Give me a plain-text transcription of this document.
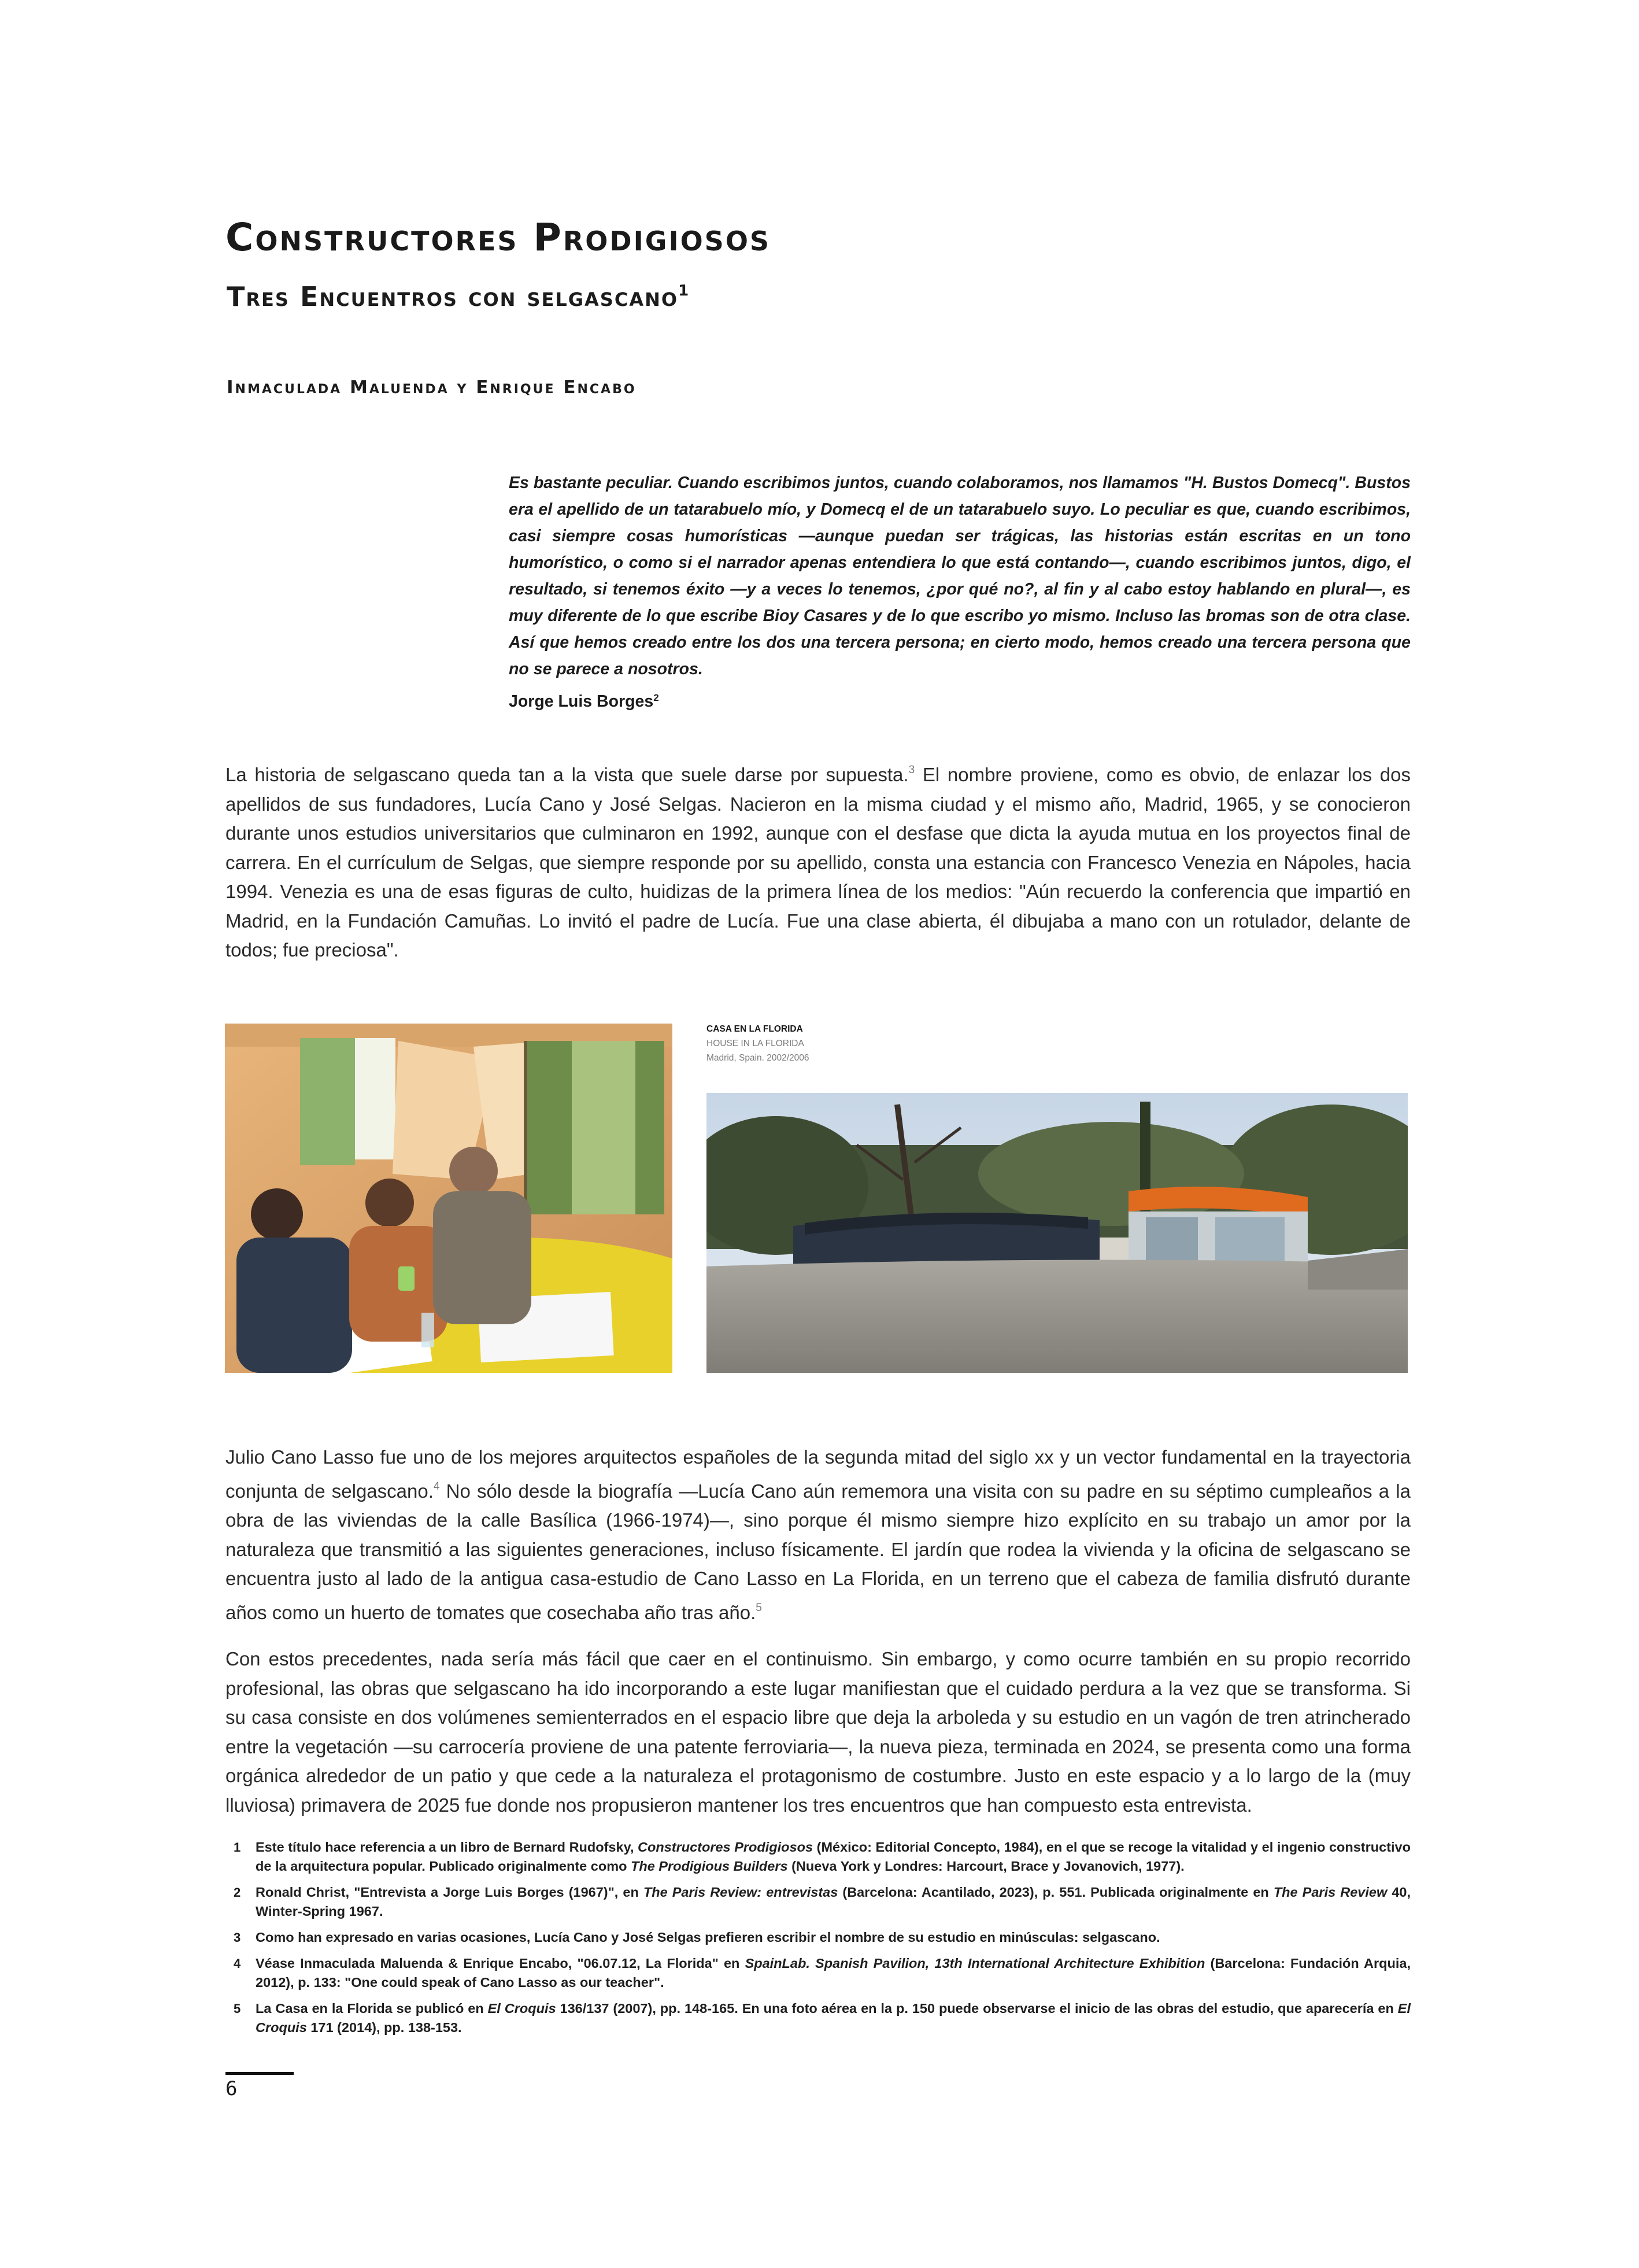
Constructores Prodigiosos
Tres Encuentros con selgascano$^1$
Inmaculada Maluenda y Enrique Encabo

Es bastante peculiar. Cuando escribimos juntos, cuando colaboramos, nos llamamos "H. Bustos Domecq". Bustos era el apellido de un tatarabuelo mío, y Domecq el de un tatarabuelo suyo. Lo peculiar es que, cuando escribimos, casi siempre cosas humorísticas —aunque puedan ser trágicas, las historias están escritas en un tono humorístico, o como si el narrador apenas entendiera lo que está contando—, cuando escribimos juntos, digo, el resultado, si tenemos éxito —y a veces lo tenemos, ¿por qué no?, al fin y al cabo estoy hablando en plural—, es muy diferente de lo que escribe Bioy Casares y de lo que escribo yo mismo. Incluso las bromas son de otra clase. Así que hemos creado entre los dos una tercera persona; en cierto modo, hemos creado una tercera persona que no se parece a nosotros.

Jorge Luis Borges$^2$

La historia de selgascano queda tan a la vista que suele darse por supuesta.$^3$ El nombre proviene, como es obvio, de enlazar los dos apellidos de sus fundadores, Lucía Cano y José Selgas. Nacieron en la misma ciudad y el mismo año, Madrid, 1965, y se conocieron durante unos estudios universitarios que culminaron en 1992, aunque con el desfase que dicta la ayuda mutua en los proyectos final de carrera. En el currículum de Selgas, que siempre responde por su apellido, consta una estancia con Francesco Venezia en Nápoles, hacia 1994. Venezia es una de esas figuras de culto, huidizas de la primera línea de los medios: "Aún recuerdo la conferencia que impartió en Madrid, en la Fundación Camuñas. Lo invitó el padre de Lucía. Fue una clase abierta, él dibujaba a mano con un rotulador, delante de todos; fue preciosa".

CASA EN LA FLORIDA
HOUSE IN LA FLORIDA
Madrid, Spain. 2002/2006

Julio Cano Lasso fue uno de los mejores arquitectos españoles de la segunda mitad del siglo xx y un vector fundamental en la trayectoria conjunta de selgascano.$^4$ No sólo desde la biografía —Lucía Cano aún rememora una visita con su padre en su séptimo cumpleaños a la obra de las viviendas de la calle Basílica (1966-1974)—, sino porque él mismo siempre hizo explícito en su trabajo un amor por la naturaleza que transmitió a las siguientes generaciones, incluso físicamente. El jardín que rodea la vivienda y la oficina de selgascano se encuentra justo al lado de la antigua casa-estudio de Cano Lasso en La Florida, en un terreno que el cabeza de familia disfrutó durante años como un huerto de tomates que cosechaba año tras año.$^5$

Con estos precedentes, nada sería más fácil que caer en el continuismo. Sin embargo, y como ocurre también en su propio recorrido profesional, las obras que selgascano ha ido incorporando a este lugar manifiestan que el cuidado perdura a la vez que se transforma. Si su casa consiste en dos volúmenes semienterrados en el espacio libre que deja la arboleda y su estudio en un vagón de tren atrincherado entre la vegetación —su carrocería proviene de una patente ferroviaria—, la nueva pieza, terminada en 2024, se presenta como una forma orgánica alrededor de un patio y que cede a la naturaleza el protagonismo de costumbre. Justo en este espacio y a lo largo de la (muy lluviosa) primavera de 2025 fue donde nos propusieron mantener los tres encuentros que han compuesto esta entrevista.

1	Este título hace referencia a un libro de Bernard Rudofsky, Constructores Prodigiosos (México: Editorial Concepto, 1984), en el que se recoge la vitalidad y el ingenio constructivo de la arquitectura popular. Publicado originalmente como The Prodigious Builders (Nueva York y Londres: Harcourt, Brace y Jovanovich, 1977).
2	Ronald Christ, "Entrevista a Jorge Luis Borges (1967)", en The Paris Review: entrevistas (Barcelona: Acantilado, 2023), p. 551. Publicada originalmente en The Paris Review 40, Winter-Spring 1967.
3	Como han expresado en varias ocasiones, Lucía Cano y José Selgas prefieren escribir el nombre de su estudio en minúsculas: selgascano.
4	Véase Inmaculada Maluenda & Enrique Encabo, "06.07.12, La Florida" en SpainLab. Spanish Pavilion, 13th International Architecture Exhibition (Barcelona: Fundación Arquia, 2012), p. 133: "One could speak of Cano Lasso as our teacher".
5	La Casa en la Florida se publicó en El Croquis 136/137 (2007), pp. 148-165. En una foto aérea en la p. 150 puede observarse el inicio de las obras del estudio, que aparecería en El Croquis 171 (2014), pp. 138-153.
6
